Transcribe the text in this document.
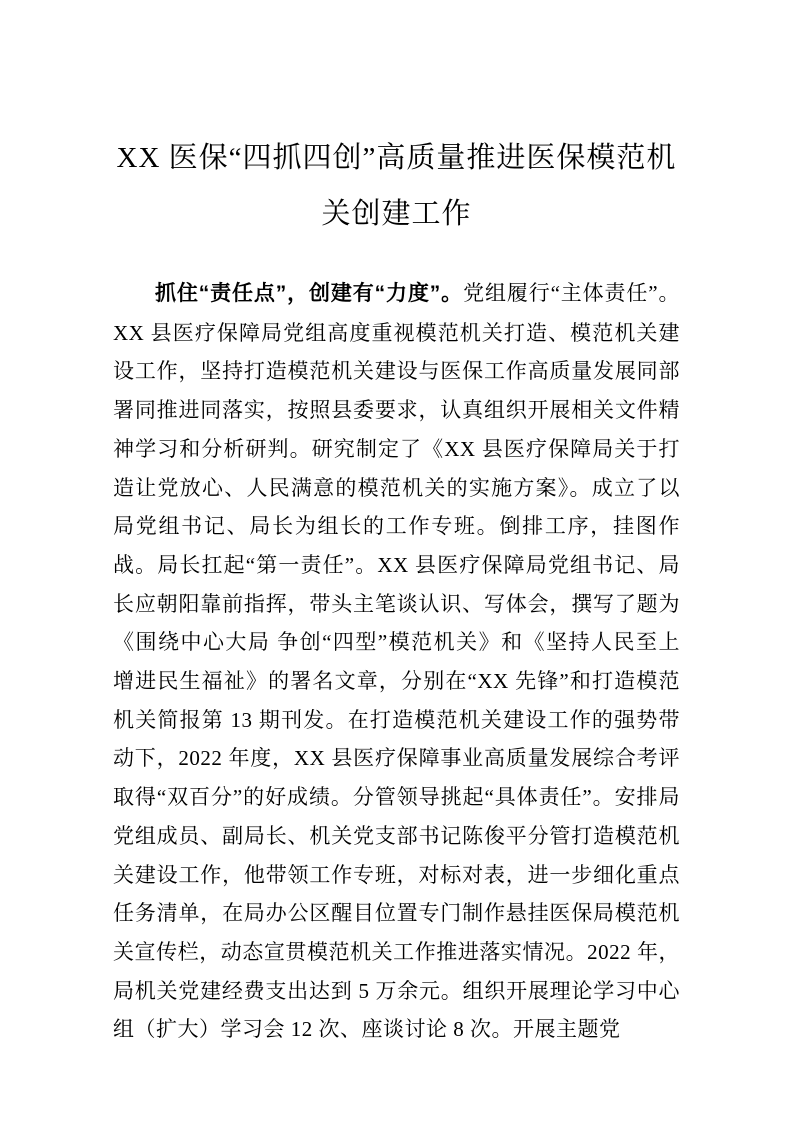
XX 医保“四抓四创”高质量推进医保模范机
关创建工作

抓住“责任点”，创建有“力度”。党组履行“主体责任”。XX 县医疗保障局党组高度重视模范机关打造、模范机关建设工作，坚持打造模范机关建设与医保工作高质量发展同部署同推进同落实，按照县委要求，认真组织开展相关文件精神学习和分析研判。研究制定了《XX 县医疗保障局关于打造让党放心、人民满意的模范机关的实施方案》。成立了以局党组书记、局长为组长的工作专班。倒排工序，挂图作战。局长扛起“第一责任”。XX 县医疗保障局党组书记、局长应朝阳靠前指挥，带头主笔谈认识、写体会，撰写了题为《围绕中心大局 争创“四型”模范机关》和《坚持人民至上 增进民生福祉》的署名文章，分别在“XX 先锋”和打造模范机关简报第 13 期刊发。在打造模范机关建设工作的强势带动下，2022 年度，XX 县医疗保障事业高质量发展综合考评取得“双百分”的好成绩。分管领导挑起“具体责任”。安排局党组成员、副局长、机关党支部书记陈俊平分管打造模范机关建设工作，他带领工作专班，对标对表，进一步细化重点任务清单，在局办公区醒目位置专门制作悬挂医保局模范机关宣传栏，动态宣贯模范机关工作推进落实情况。2022 年，局机关党建经费支出达到 5 万余元。组织开展理论学习中心组（扩大）学习会 12 次、座谈讨论 8 次。开展主题党
